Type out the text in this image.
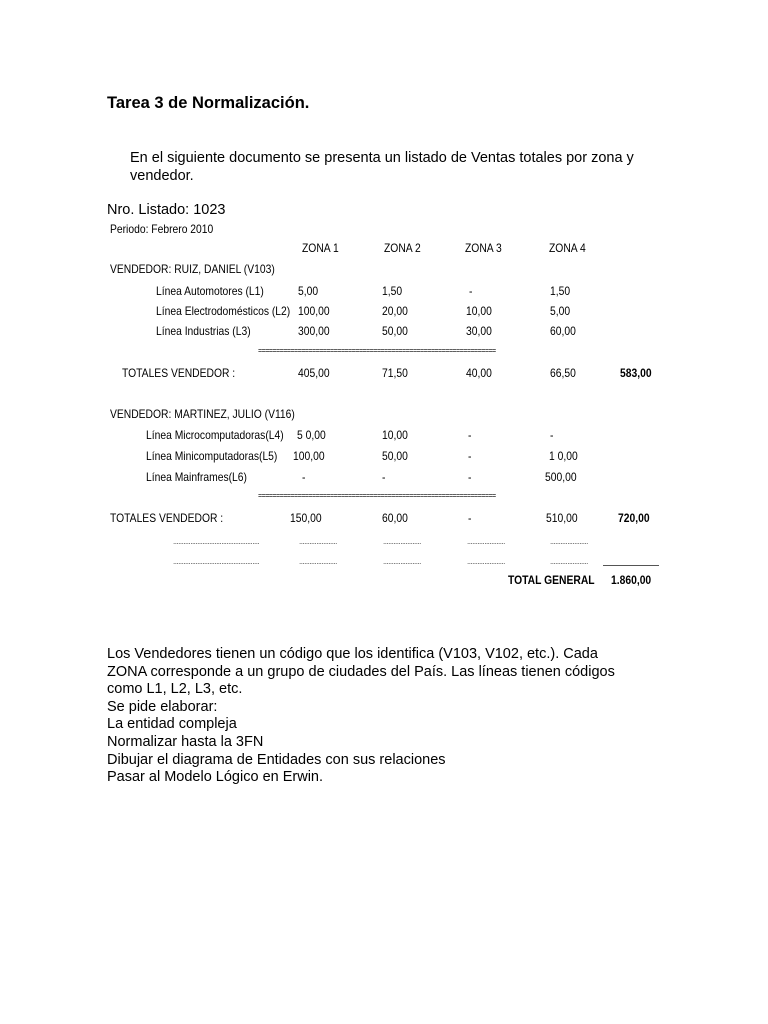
Tarea 3 de Normalización.
En el siguiente documento se presenta un listado de Ventas totales por zona y vendedor.
Nro. Listado: 1023
Periodo: Febrero 2010
ZONA 1	ZONA 2	ZONA 3	ZONA 4
VENDEDOR: RUIZ, DANIEL (V103)
Línea Automotores (L1)	5,00	1,50	-	1,50
Línea Electrodomésticos (L2) 100,00	20,00	10,00	5,00
Línea Industrias (L3)	300,00	50,00	30,00	60,00
==================================================================
TOTALES VENDEDOR :	405,00	71,50	40,00	66,50	583,00
VENDEDOR: MARTINEZ, JULIO (V116)
Línea Microcomputadoras(L4) 5 0,00	10,00	-	-
Línea Minicomputadoras(L5) 100,00	50,00	-	1 0,00
Línea Mainframes(L6)	-	-	-	500,00
==================================================================
TOTALES VENDEDOR :	150,00	60,00	-	510,00	720,00
..................................................	......................	......................	......................	......................
..................................................	......................	......................	......................	......................
TOTAL GENERAL 1.860,00
Los Vendedores tienen un código que los identifica (V103, V102, etc.). Cada
ZONA corresponde a un grupo de ciudades del País. Las líneas tienen códigos
como L1, L2, L3, etc.
Se pide elaborar:
La entidad compleja
Normalizar hasta la 3FN
Dibujar el diagrama de Entidades con sus relaciones
Pasar al Modelo Lógico en Erwin.
